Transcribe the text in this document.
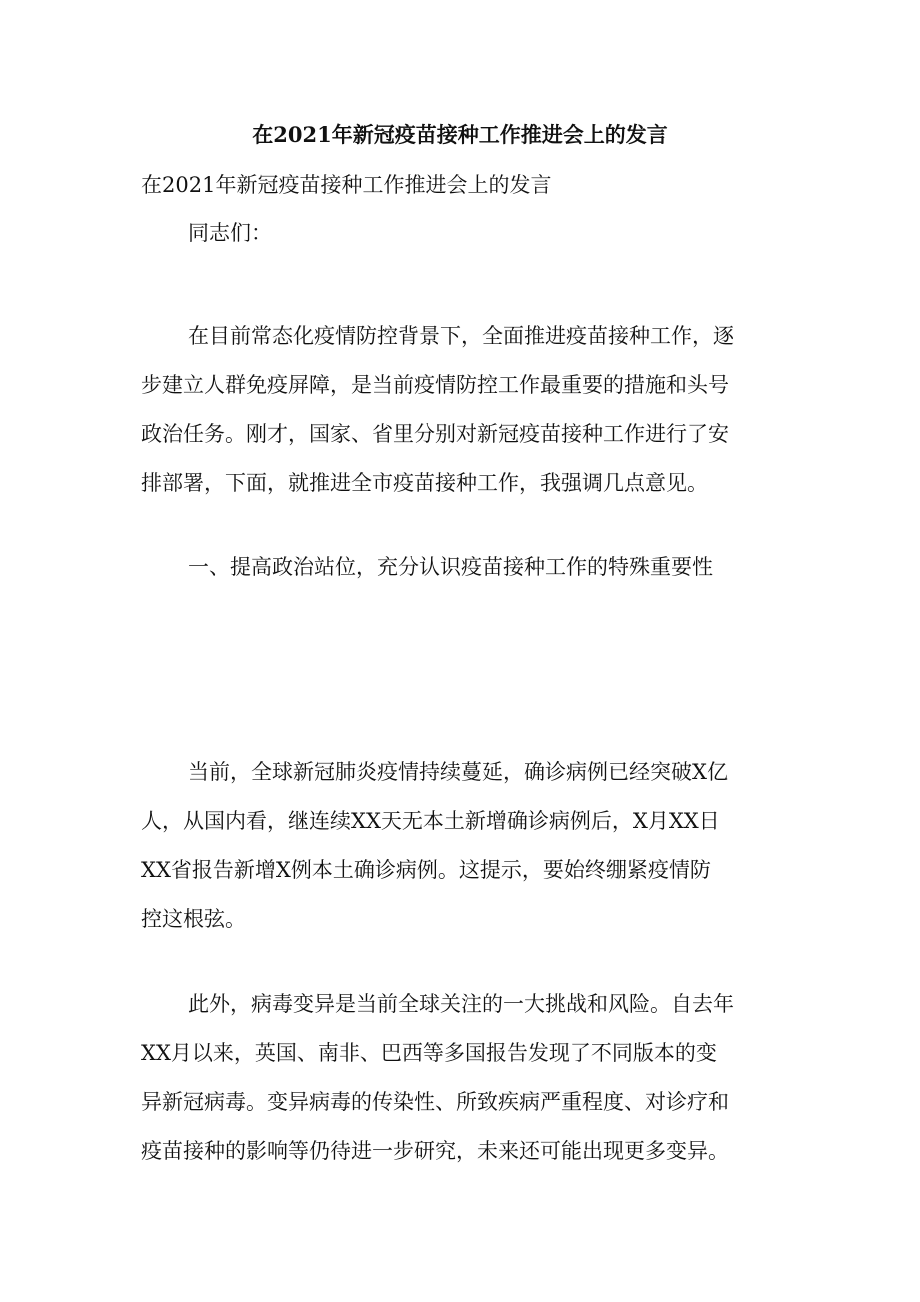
在2021年新冠疫苗接种工作推进会上的发言
在2021年新冠疫苗接种工作推进会上的发言
同志们：
在目前常态化疫情防控背景下，全面推进疫苗接种工作，逐
步建立人群免疫屏障，是当前疫情防控工作最重要的措施和头号
政治任务。刚才，国家、省里分别对新冠疫苗接种工作进行了安
排部署，下面，就推进全市疫苗接种工作，我强调几点意见。
一、提高政治站位，充分认识疫苗接种工作的特殊重要性
当前，全球新冠肺炎疫情持续蔓延，确诊病例已经突破X亿
人，从国内看，继连续XX天无本土新增确诊病例后，X月XX日
XX省报告新增X例本土确诊病例。这提示，要始终绷紧疫情防
控这根弦。
此外，病毒变异是当前全球关注的一大挑战和风险。自去年
XX月以来，英国、南非、巴西等多国报告发现了不同版本的变
异新冠病毒。变异病毒的传染性、所致疾病严重程度、对诊疗和
疫苗接种的影响等仍待进一步研究，未来还可能出现更多变异。
